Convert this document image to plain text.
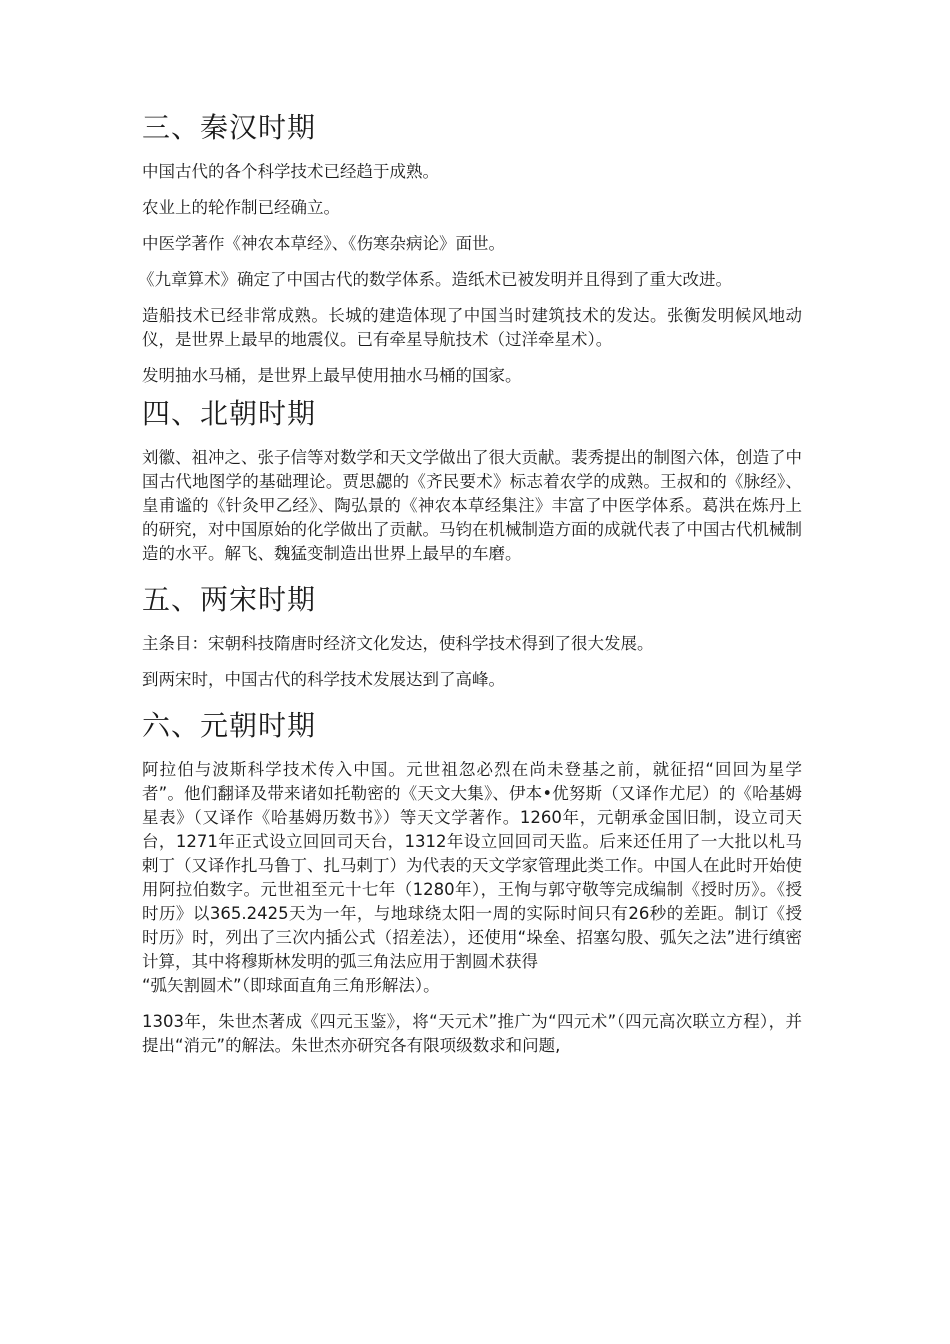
三、秦汉时期

中国古代的各个科学技术已经趋于成熟。

农业上的轮作制已经确立。

中医学著作《神农本草经》、《伤寒杂病论》面世。

《九章算术》确定了中国古代的数学体系。造纸术已被发明并且得到了重大改进。

造船技术已经非常成熟。长城的建造体现了中国当时建筑技术的发达。张衡发明候风地动仪，是世界上最早的地震仪。已有牵星导航技术（过洋牵星术）。

发明抽水马桶，是世界上最早使用抽水马桶的国家。

四、北朝时期

刘徽、祖冲之、张子信等对数学和天文学做出了很大贡献。裴秀提出的制图六体，创造了中国古代地图学的基础理论。贾思勰的《齐民要术》标志着农学的成熟。王叔和的《脉经》、皇甫谧的《针灸甲乙经》、陶弘景的《神农本草经集注》丰富了中医学体系。葛洪在炼丹上的研究，对中国原始的化学做出了贡献。马钧在机械制造方面的成就代表了中国古代机械制造的水平。解飞、魏猛变制造出世界上最早的车磨。

五、两宋时期

主条目：宋朝科技隋唐时经济文化发达，使科学技术得到了很大发展。

到两宋时，中国古代的科学技术发展达到了高峰。

六、元朝时期

阿拉伯与波斯科学技术传入中国。元世祖忽必烈在尚未登基之前，就征招“回回为星学者”。他们翻译及带来诸如托勒密的《天文大集》、伊本•优努斯（又译作尤尼）的《哈基姆星表》（又译作《哈基姆历数书》）等天文学著作。1260年，元朝承金国旧制，设立司天台，1271年正式设立回回司天台，1312年设立回回司天监。后来还任用了一大批以札马剌丁（又译作扎马鲁丁、扎马剌丁）为代表的天文学家管理此类工作。中国人在此时开始使用阿拉伯数字。元世祖至元十七年（1280年），王恂与郭守敬等完成编制《授时历》。《授时历》以365.2425天为一年，与地球绕太阳一周的实际时间只有26秒的差距。制订《授时历》时，列出了三次内插公式（招差法），还使用“垛垒、招塞勾股、弧矢之法”进行缜密计算，其中将穆斯林发明的弧三角法应用于割圆术获得

“弧矢割圆术”（即球面直角三角形解法）。

1303年，朱世杰著成《四元玉鉴》，将“天元术”推广为“四元术”（四元高次联立方程），并提出“消元”的解法。朱世杰亦研究各有限项级数求和问题,
